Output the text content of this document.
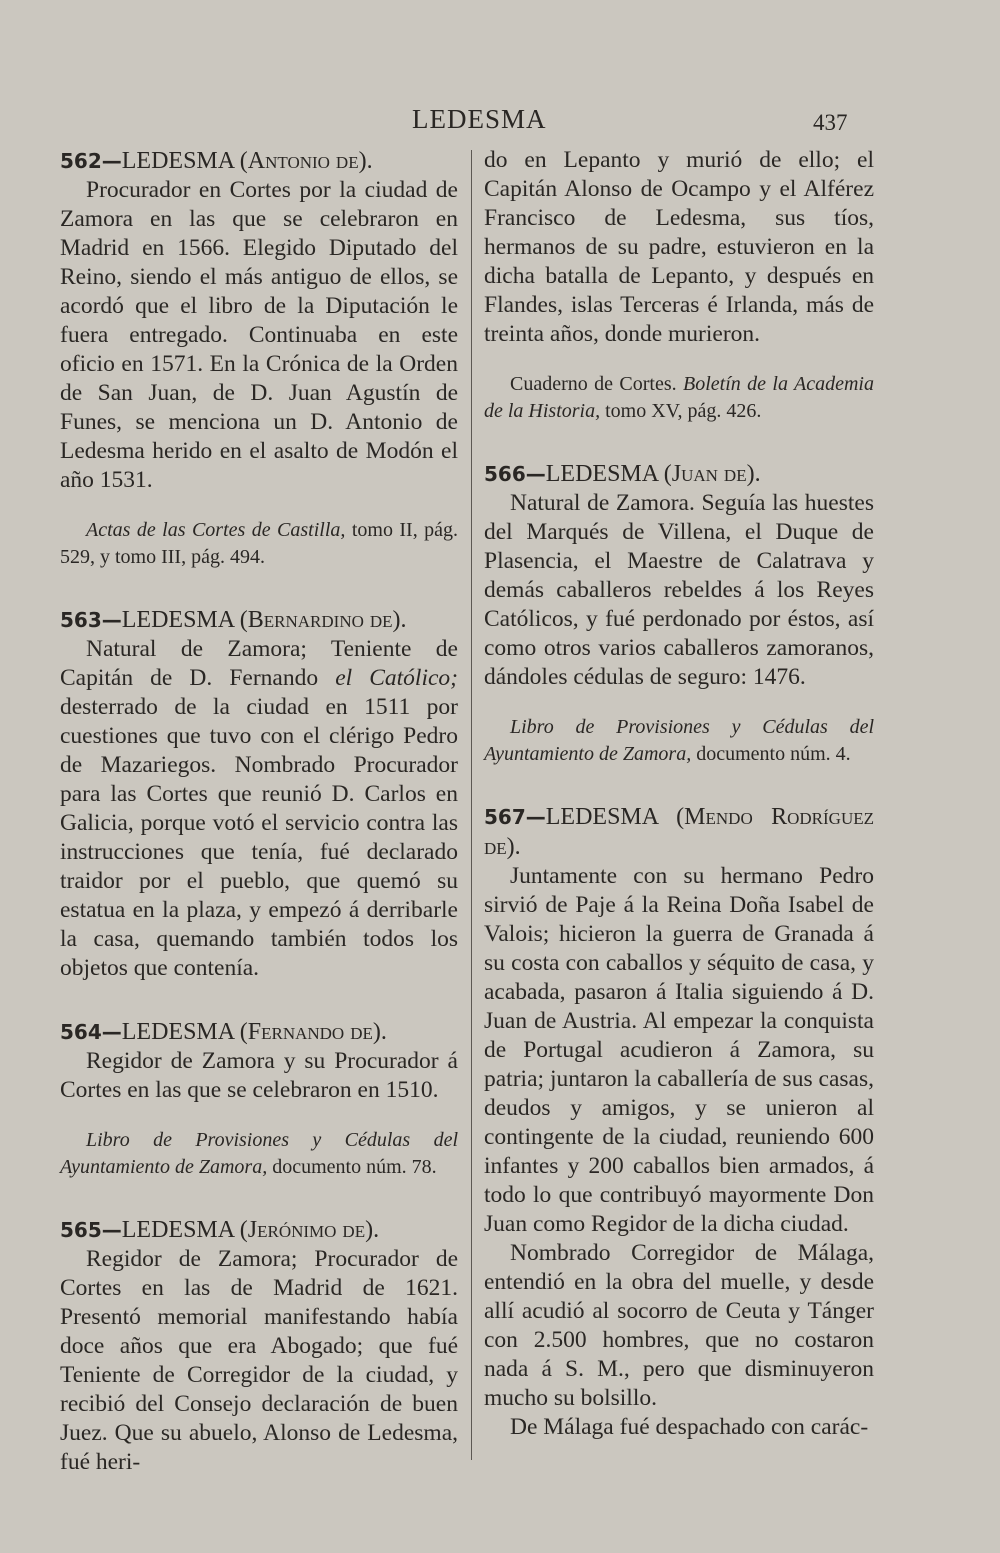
LEDESMA	437

562—LEDESMA (Antonio de).

Procurador en Cortes por la ciudad de Zamora en las que se celebraron en Madrid en 1566. Elegido Diputado del Reino, siendo el más antiguo de ellos, se acordó que el libro de la Diputación le fuera entregado. Continuaba en este oficio en 1571. En la Crónica de la Orden de San Juan, de D. Juan Agustín de Funes, se menciona un D. Antonio de Ledesma herido en el asalto de Modón el año 1531.

Actas de las Cortes de Castilla, tomo II, pág. 529, y tomo III, pág. 494.

563—LEDESMA (Bernardino de).

Natural de Zamora; Teniente de Capitán de D. Fernando el Católico; desterrado de la ciudad en 1511 por cuestiones que tuvo con el clérigo Pedro de Mazariegos. Nombrado Procurador para las Cortes que reunió D. Carlos en Galicia, porque votó el servicio contra las instrucciones que tenía, fué declarado traidor por el pueblo, que quemó su estatua en la plaza, y empezó á derribarle la casa, quemando también todos los objetos que contenía.

564—LEDESMA (Fernando de).

Regidor de Zamora y su Procurador á Cortes en las que se celebraron en 1510.

Libro de Provisiones y Cédulas del Ayuntamiento de Zamora, documento núm. 78.

565—LEDESMA (Jerónimo de).

Regidor de Zamora; Procurador de Cortes en las de Madrid de 1621. Presentó memorial manifestando había doce años que era Abogado; que fué Teniente de Corregidor de la ciudad, y recibió del Consejo declaración de buen Juez. Que su abuelo, Alonso de Ledesma, fué heri-

do en Lepanto y murió de ello; el Capitán Alonso de Ocampo y el Alférez Francisco de Ledesma, sus tíos, hermanos de su padre, estuvieron en la dicha batalla de Lepanto, y después en Flandes, islas Terceras é Irlanda, más de treinta años, donde murieron.

Cuaderno de Cortes. Boletín de la Academia de la Historia, tomo XV, pág. 426.

566—LEDESMA (Juan de).

Natural de Zamora. Seguía las huestes del Marqués de Villena, el Duque de Plasencia, el Maestre de Calatrava y demás caballeros rebeldes á los Reyes Católicos, y fué perdonado por éstos, así como otros varios caballeros zamoranos, dándoles cédulas de seguro: 1476.

Libro de Provisiones y Cédulas del Ayuntamiento de Zamora, documento núm. 4.

567—LEDESMA (Mendo Rodríguez de).

Juntamente con su hermano Pedro sirvió de Paje á la Reina Doña Isabel de Valois; hicieron la guerra de Granada á su costa con caballos y séquito de casa, y acabada, pasaron á Italia siguiendo á D. Juan de Austria. Al empezar la conquista de Portugal acudieron á Zamora, su patria; juntaron la caballería de sus casas, deudos y amigos, y se unieron al contingente de la ciudad, reuniendo 600 infantes y 200 caballos bien armados, á todo lo que contribuyó mayormente Don Juan como Regidor de la dicha ciudad.

Nombrado Corregidor de Málaga, entendió en la obra del muelle, y desde allí acudió al socorro de Ceuta y Tánger con 2.500 hombres, que no costaron nada á S. M., pero que disminuyeron mucho su bolsillo.

De Málaga fué despachado con carác-
